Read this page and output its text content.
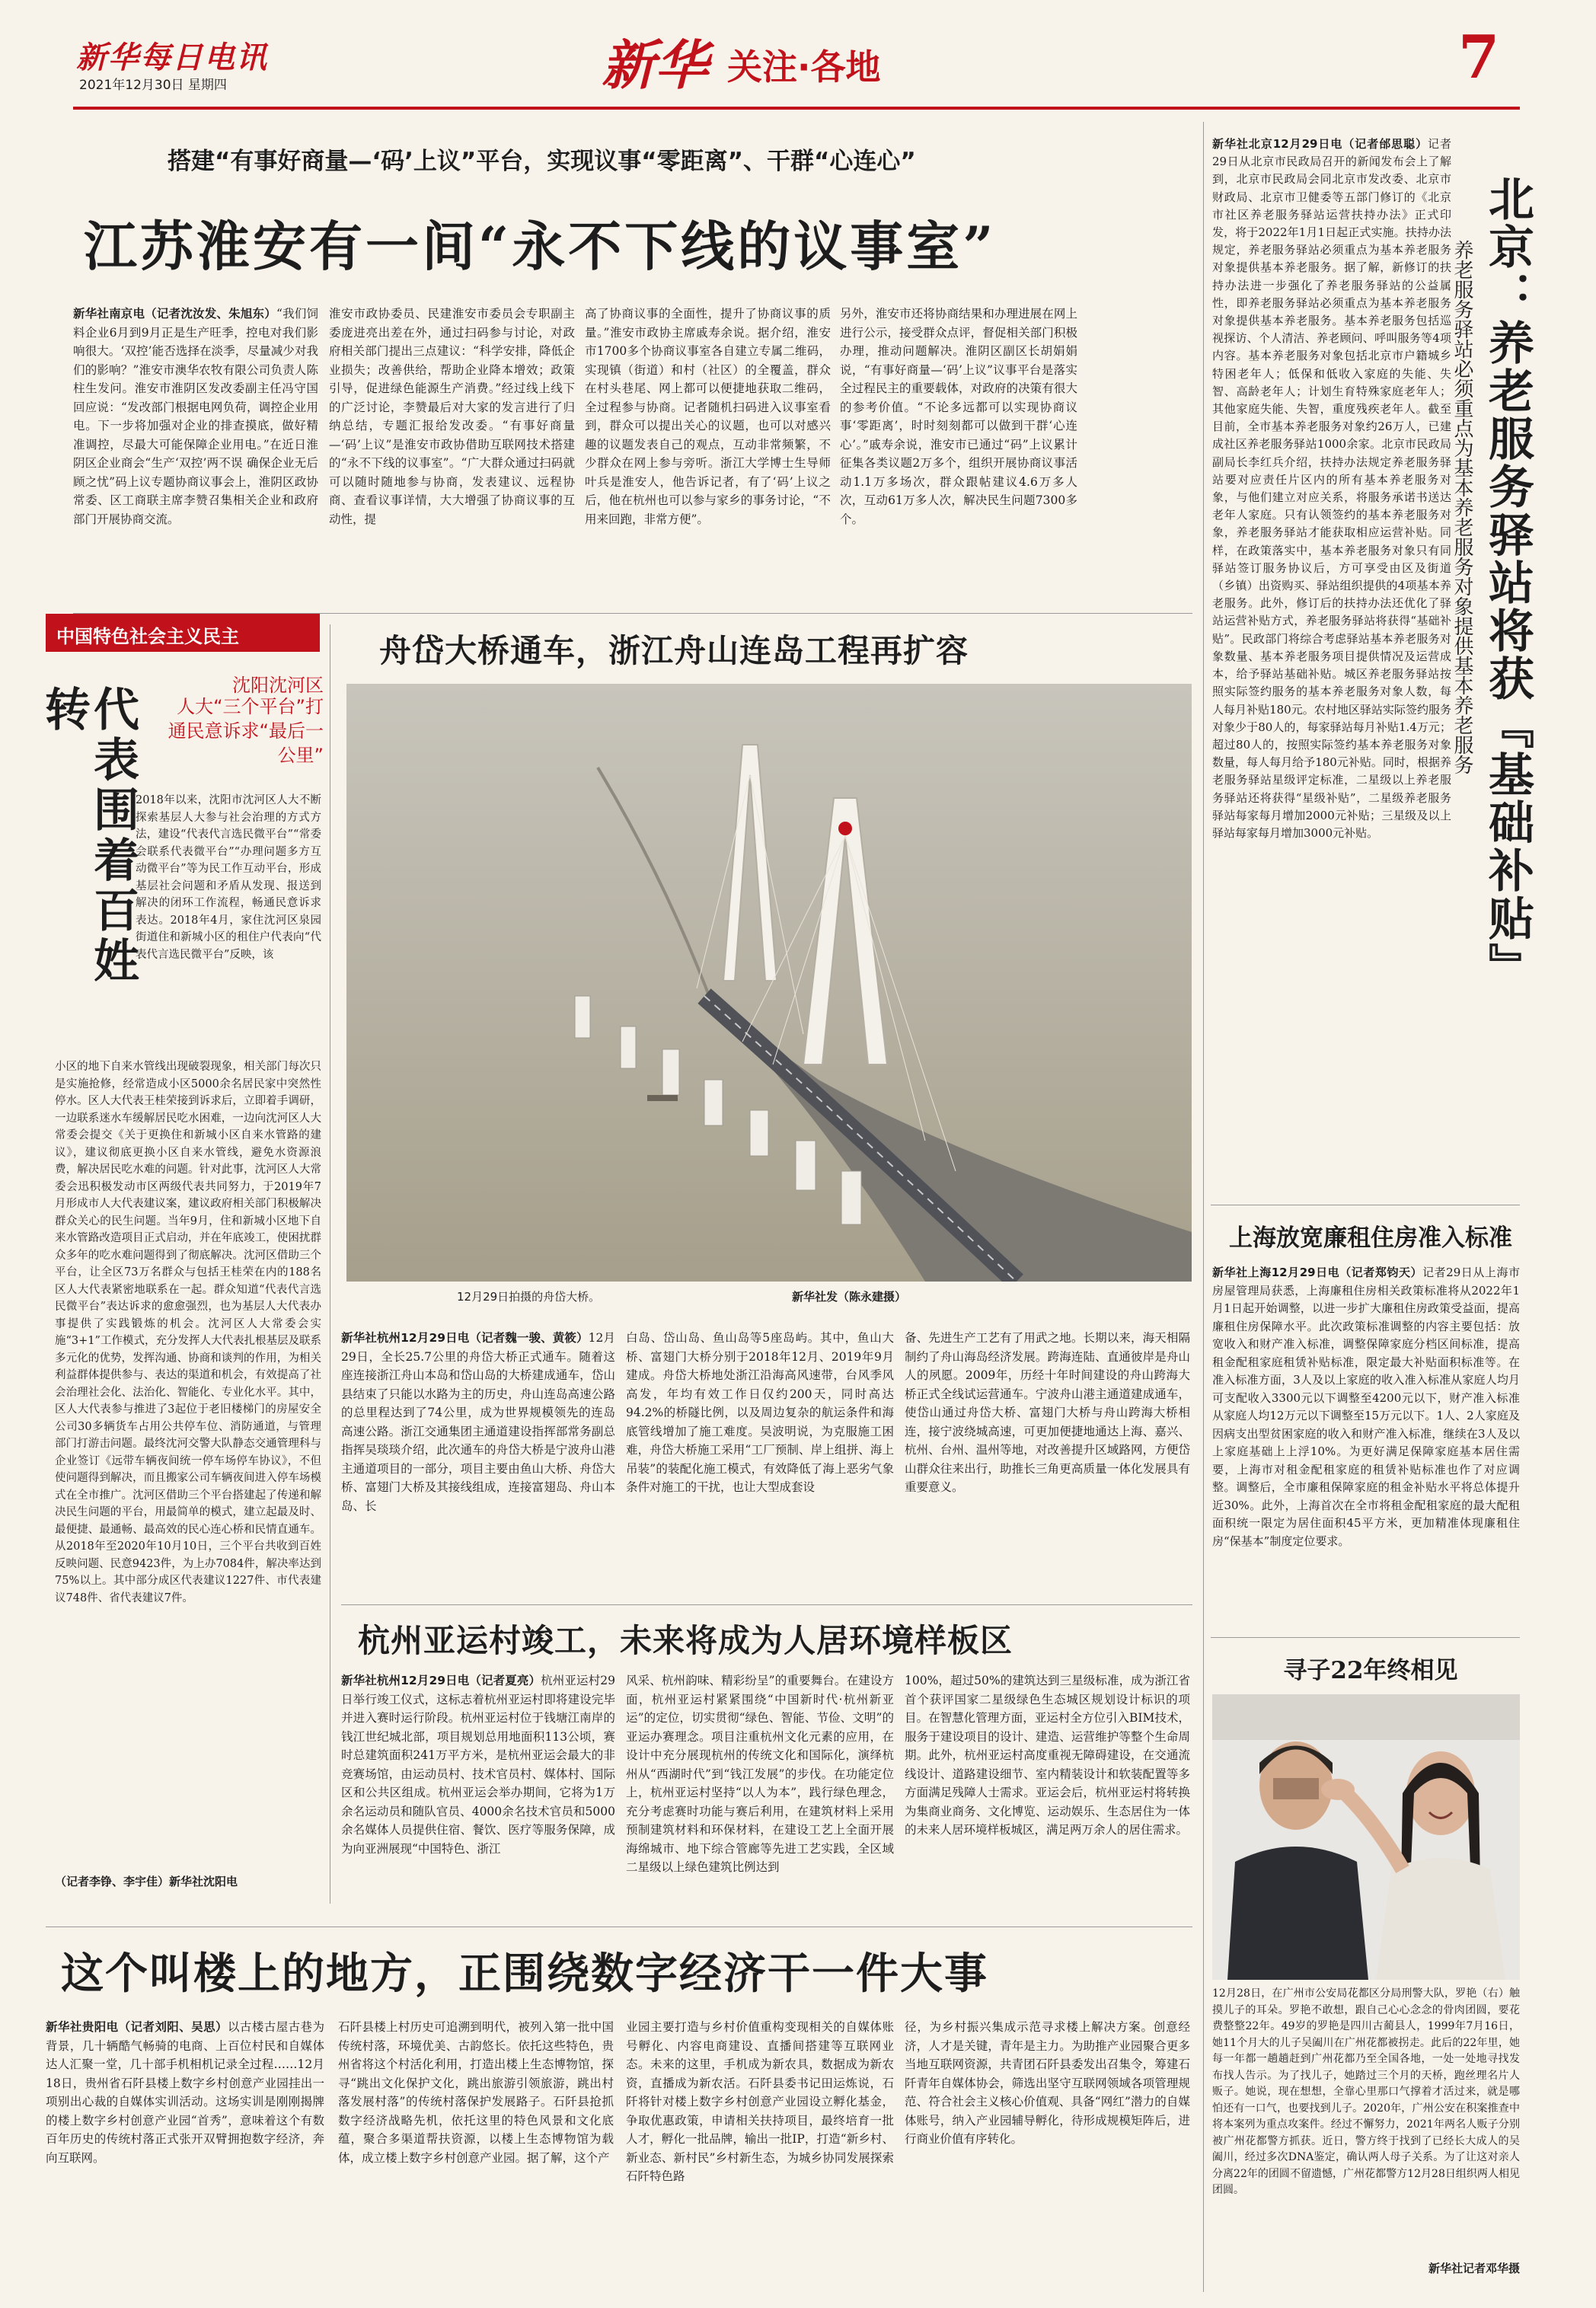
新华每日电讯
2021年12月30日 星期四	新华 关注·各地	7
搭建“有事好商量—‘码’上议”平台，实现议事“零距离”、干群“心连心”
江苏淮安有一间“永不下线的议事室”
新华社南京电（记者沈汝发、朱旭东）“我们饲料企业6月到9月正是生产旺季，控电对我们影响很大。‘双控’能否选择在淡季，尽量减少对我们的影响？”淮安市澳华农牧有限公司负责人陈柱生发问。淮安市淮阴区发改委副主任冯守国回应说：“发改部门根据电网负荷，调控企业用电。下一步将加强对企业的排查摸底，做好精准调控，尽最大可能保障企业用电。”在近日淮阴区企业商会“生产‘双控’两不误 确保企业无后顾之忧”码上议专题协商议事会上，淮阴区政协常委、区工商联主席李赞召集相关企业和政府部门开展协商交流。
淮安市政协委员、民建淮安市委员会专职副主委庞进亮出差在外，通过扫码参与讨论，对政府相关部门提出三点建议：“科学安排，降低企业损失；改善供给，帮助企业降本增效；政策引导，促进绿色能源生产消费。”经过线上线下的广泛讨论，李赞最后对大家的发言进行了归纳总结，专题汇报给发改委。“有事好商量—‘码’上议”是淮安市政协借助互联网技术搭建的“永不下线的议事室”。“广大群众通过扫码就可以随时随地参与协商，发表建议、远程协商、查看议事详情，大大增强了协商议事的互动性，提
高了协商议事的全面性，提升了协商议事的质量。”淮安市政协主席戚寿余说。据介绍，淮安市1700多个协商议事室各自建立专属二维码，实现镇（街道）和村（社区）的全覆盖，群众在村头巷尾、网上都可以便捷地获取二维码，全过程参与协商。记者随机扫码进入议事室看到，群众可以提出关心的议题，也可以对感兴趣的议题发表自己的观点，互动非常频繁，不少群众在网上参与旁听。浙江大学博士生导师叶兵是淮安人，他告诉记者，有了‘码’上议之后，他在杭州也可以参与家乡的事务讨论，“不用来回跑，非常方便”。
另外，淮安市还将协商结果和办理进展在网上进行公示，接受群众点评，督促相关部门积极办理，推动问题解决。淮阴区副区长胡娟娟说，“有事好商量—‘码’上议”议事平台是落实全过程民主的重要载体，对政府的决策有很大的参考价值。“不论多远都可以实现协商议事‘零距离’，时时刻刻都可以做到干群‘心连心’。”戚寿余说，淮安市已通过“码”上议累计征集各类议题2万多个，组织开展协商议事活动1.1万多场次，群众跟帖建议4.6万多人次，互动61万多人次，解决民生问题7300多个。
中国特色社会主义民主
沈阳沈河区
人大“三个平台”打通民意诉求“最后一公里”
代表围着百姓转
2018年以来，沈阳市沈河区人大不断探索基层人大参与社会治理的方式方法，建设“代表代言选民微平台”“常委会联系代表微平台”“办理问题多方互动微平台”等为民工作互动平台，形成基层社会问题和矛盾从发现、报送到解决的闭环工作流程，畅通民意诉求表达。2018年4月，家住沈河区泉园街道住和新城小区的租住户代表向“代表代言选民微平台”反映，该
小区的地下自来水管线出现破裂现象，相关部门每次只是实施抢修，经常造成小区5000余名居民家中突然性停水。区人大代表王桂荣接到诉求后，立即着手调研，一边联系迷水车缓解居民吃水困难，一边向沈河区人大常委会提交《关于更换住和新城小区自来水管路的建议》，建议彻底更换小区自来水管线，避免水资源浪费，解决居民吃水难的问题。针对此事，沈河区人大常委会迅积极发动市区两级代表共同努力，于2019年7月形成市人大代表建议案，建议政府相关部门积极解决群众关心的民生问题。当年9月，住和新城小区地下自来水管路改造项目正式启动，并在年底竣工，使困扰群众多年的吃水难问题得到了彻底解决。沈河区借助三个平台，让全区73万名群众与包括王桂荣在内的188名区人大代表紧密地联系在一起。群众知道“代表代言选民微平台”表达诉求的愈愈强烈，也为基层人大代表办事提供了实践锻炼的机会。沈河区人大常委会实施“3+1”工作模式，充分发挥人大代表扎根基层及联系多元化的优势，发挥沟通、协商和谈判的作用，为相关利益群体提供参与、表达的渠道和机会，有效提高了社会治理社会化、法治化、智能化、专业化水平。其中，区人大代表参与推进了3起位于老旧楼梯门的房屋安全公司30多辆货车占用公共停车位、消防通道，与管理部门打游击问题。最终沈河交警大队静态交通管理科与企业签订《远带车辆夜间统一停车场停车协议》，不但使问题得到解决，而且搬家公司车辆夜间进入停车场模式在全市推广。沈河区借助三个平台搭建起了传递和解决民生问题的平台，用最简单的模式，建立起最及时、最便捷、最通畅、最高效的民心连心桥和民情直通车。从2018年至2020年10月10日，三个平台共收到百姓反映问题、民意9423件，为上办7084件，解决率达到75%以上。其中部分成区代表建议1227件、市代表建议748件、省代表建议7件。
（记者李铮、李宇佳）新华社沈阳电
舟岱大桥通车，浙江舟山连岛工程再扩容
12月29日拍摄的舟岱大桥。	新华社发（陈永建摄）
新华社杭州12月29日电（记者魏一骏、黄筱）12月29日，全长25.7公里的舟岱大桥正式通车。随着这座连接浙江舟山本岛和岱山岛的大桥建成通车，岱山县结束了只能以水路为主的历史，舟山连岛高速公路的总里程达到了74公里，成为世界规模领先的连岛高速公路。浙江交通集团主通道建设指挥部常务副总指挥吴琰琰介绍，此次通车的舟岱大桥是宁波舟山港主通道项目的一部分，项目主要由鱼山大桥、舟岱大桥、富翅门大桥及其接线组成，连接富翅岛、舟山本岛、长
白岛、岱山岛、鱼山岛等5座岛屿。其中，鱼山大桥、富翅门大桥分别于2018年12月、2019年9月建成。舟岱大桥地处浙江沿海高风速带，台风季风高发，年均有效工作日仅约200天，同时高达94.2%的桥隧比例，以及周边复杂的航运条件和海底管线增加了施工难度。吴波明说，为克服施工困难，舟岱大桥施工采用“工厂预制、岸上组拼、海上吊装”的装配化施工模式，有效降低了海上恶劣气象条件对施工的干扰，也让大型成套设
备、先进生产工艺有了用武之地。长期以来，海天相隔制约了舟山海岛经济发展。跨海连陆、直通彼岸是舟山人的夙愿。2009年，历经十年时间建设的舟山跨海大桥正式全线试运营通车。宁波舟山港主通道建成通车，使岱山通过舟岱大桥、富翅门大桥与舟山跨海大桥相连，接宁波绕城高速，可更加便捷地通达上海、嘉兴、杭州、台州、温州等地，对改善提升区域路网，方便岱山群众往来出行，助推长三角更高质量一体化发展具有重要意义。
杭州亚运村竣工，未来将成为人居环境样板区
新华社杭州12月29日电（记者夏亮）杭州亚运村29日举行竣工仪式，这标志着杭州亚运村即将建设完毕并进入赛时运行阶段。杭州亚运村位于钱塘江南岸的钱江世纪城北部，项目规划总用地面积113公顷，赛时总建筑面积241万平方米，是杭州亚运会最大的非竞赛场馆，由运动员村、技术官员村、媒体村、国际区和公共区组成。杭州亚运会举办期间，它将为1万余名运动员和随队官员、4000余名技术官员和5000余名媒体人员提供住宿、餐饮、医疗等服务保障，成为向亚洲展现“中国特色、浙江
风采、杭州韵味、精彩纷呈”的重要舞台。在建设方面，杭州亚运村紧紧围绕“中国新时代·杭州新亚运”的定位，切实贯彻“绿色、智能、节俭、文明”的亚运办赛理念。项目注重杭州文化元素的应用，在设计中充分展现杭州的传统文化和国际化，演绎杭州从“西湖时代”到“钱江发展”的步伐。在功能定位上，杭州亚运村坚持“以人为本”，践行绿色理念，充分考虑赛时功能与赛后利用，在建筑材料上采用预制建筑材料和环保材料，在建设工艺上全面开展海绵城市、地下综合管廊等先进工艺实践，全区域二星级以上绿色建筑比例达到
100%，超过50%的建筑达到三星级标准，成为浙江省首个获评国家二星级绿色生态城区规划设计标识的项目。在智慧化管理方面，亚运村全方位引入BIM技术，服务于建设项目的设计、建造、运营维护等整个生命周期。此外，杭州亚运村高度重视无障碍建设，在交通流线设计、道路建设细节、室内精装设计和软装配置等多方面满足残障人士需求。亚运会后，杭州亚运村将转换为集商业商务、文化博览、运动娱乐、生态居住为一体的未来人居环境样板城区，满足两万余人的居住需求。
这个叫楼上的地方，正围绕数字经济干一件大事
新华社贵阳电（记者刘阳、吴思）以古楼古屋古巷为背景，几十辆酷气畅骑的电商、上百位村民和自媒体达人汇聚一堂，几十部手机相机记录全过程……12月18日，贵州省石阡县楼上数字乡村创意产业园挂出一项别出心裁的自媒体实训活动。这场实训是刚刚揭牌的楼上数字乡村创意产业园“首秀”，意味着这个有数百年历史的传统村落正式张开双臂拥抱数字经济，奔向互联网。
石阡县楼上村历史可追溯到明代，被列入第一批中国传统村落，环境优美、古韵悠长。依托这些特色，贵州省将这个村活化利用，打造出楼上生态博物馆，探寻“跳出文化保护文化，跳出旅游引领旅游，跳出村落发展村落”的传统村落保护发展路子。石阡县抢抓数字经济战略先机，依托这里的特色风景和文化底蕴，聚合多渠道帮扶资源，以楼上生态博物馆为载体，成立楼上数字乡村创意产业园。据了解，这个产
业园主要打造与乡村价值重构变现相关的自媒体账号孵化、内容电商建设、直播间搭建等互联网业态。未来的这里，手机成为新农具，数据成为新农资，直播成为新农活。石阡县委书记田运炼说，石阡将针对楼上数字乡村创意产业园设立孵化基金，争取优惠政策，申请相关扶持项目，最终培育一批人才，孵化一批品牌，输出一批IP，打造“新乡村、新业态、新村民”乡村新生态，为城乡协同发展探索石阡特色路
径，为乡村振兴集成示范寻求楼上解决方案。创意经济，人才是关键，青年是主力。为助推产业园聚合更多当地互联网资源，共青团石阡县委发出召集令，筹建石阡青年自媒体协会，筛选出坚守互联网领域各项管理规范、符合社会主义核心价值观、具备“网红”潜力的自媒体账号，纳入产业园辅导孵化，待形成规模矩阵后，进行商业价值有序转化。
新华社北京12月29日电（记者邰思聪）记者29日从北京市民政局召开的新闻发布会上了解到，北京市民政局会同北京市发改委、北京市财政局、北京市卫健委等五部门修订的《北京市社区养老服务驿站运营扶持办法》正式印发，将于2022年1月1日起正式实施。扶持办法规定，养老服务驿站必须重点为基本养老服务对象提供基本养老服务。据了解，新修订的扶持办法进一步强化了养老服务驿站的公益属性，即养老服务驿站必须重点为基本养老服务对象提供基本养老服务。基本养老服务包括巡视探访、个人清洁、养老顾问、呼叫服务等4项内容。基本养老服务对象包括北京市户籍城乡特困老年人；低保和低收入家庭的失能、失智、高龄老年人；计划生育特殊家庭老年人；其他家庭失能、失智，重度残疾老年人。截至目前，全市基本养老服务对象约26万人，已建成社区养老服务驿站1000余家。北京市民政局副局长李红兵介绍，扶持办法规定养老服务驿站要对应责任片区内的所有基本养老服务对象，与他们建立对应关系，将服务承诺书送达老年人家庭。只有认领签约的基本养老服务对象，养老服务驿站才能获取相应运营补贴。同样，在政策落实中，基本养老服务对象只有同驿站签订服务协议后，方可享受由区及街道（乡镇）出资购买、驿站组织提供的4项基本养老服务。此外，修订后的扶持办法还优化了驿站运营补贴方式，养老服务驿站将获得“基础补贴”。民政部门将综合考虑驿站基本养老服务对象数量、基本养老服务项目提供情况及运营成本，给予驿站基础补贴。城区养老服务驿站按照实际签约服务的基本养老服务对象人数，每人每月补贴180元。农村地区驿站实际签约服务对象少于80人的，每家驿站每月补贴1.4万元；超过80人的，按照实际签约基本养老服务对象数量，每人每月给予180元补贴。同时，根据养老服务驿站星级评定标准，二星级以上养老服务驿站还将获得“星级补贴”，二星级养老服务驿站每家每月增加2000元补贴；三星级及以上驿站每家每月增加3000元补贴。	北京：养老服务驿站将获『基础补贴』
养老服务驿站必须重点为基本养老服务对象提供基本养老服务
上海放宽廉租住房准入标准
新华社上海12月29日电（记者郑钧天）记者29日从上海市房屋管理局获悉，上海廉租住房相关政策标准将从2022年1月1日起开始调整，以进一步扩大廉租住房政策受益面，提高廉租住房保障水平。此次政策标准调整的内容主要包括：放宽收入和财产准入标准，调整保障家庭分档区间标准，提高租金配租家庭租赁补贴标准，限定最大补贴面积标准等。在准入标准方面，3人及以上家庭的收入准入标准从家庭人均月可支配收入3300元以下调整至4200元以下，财产准入标准从家庭人均12万元以下调整至15万元以下。1人、2人家庭及因病支出型贫困家庭的收入和财产准入标准，继续在3人及以上家庭基础上上浮10%。为更好满足保障家庭基本居住需要，上海市对租金配租家庭的租赁补贴标准也作了对应调整。调整后，全市廉租保障家庭的租金补贴水平将总体提升近30%。此外，上海首次在全市将租金配租家庭的最大配租面积统一限定为居住面积45平方米，更加精准体现廉租住房“保基本”制度定位要求。
寻子22年终相见
12月28日，在广州市公安局花都区分局刑警大队，罗艳（右）触摸儿子的耳朵。罗艳不敢想，跟自己心心念念的骨肉团圆，要花费整整22年。49岁的罗艳是四川古蔺县人，1999年7月16日，她11个月大的儿子吴阖川在广州花都被拐走。此后的22年里，她每一年都一趟趟赶到广州花都乃至全国各地，一处一处地寻找发布找人告示。为了找儿子，她踏过三个月的天桥，跑丝理名片人贩子。她说，现在想想，全靠心里那口气撑着才活过来，就是哪怕还有一口气，也要找到儿子。2020年，广州公安在积案推查中将本案列为重点攻案件。经过不懈努力，2021年两名人贩子分别被广州花都警方抓获。近日，警方终于找到了已经长大成人的吴阖川，经过多次DNA鉴定，确认两人母子关系。为了让这对亲人分离22年的团圆不留遗憾，广州花都警方12月28日组织两人相见团圆。
新华社记者邓华摄
